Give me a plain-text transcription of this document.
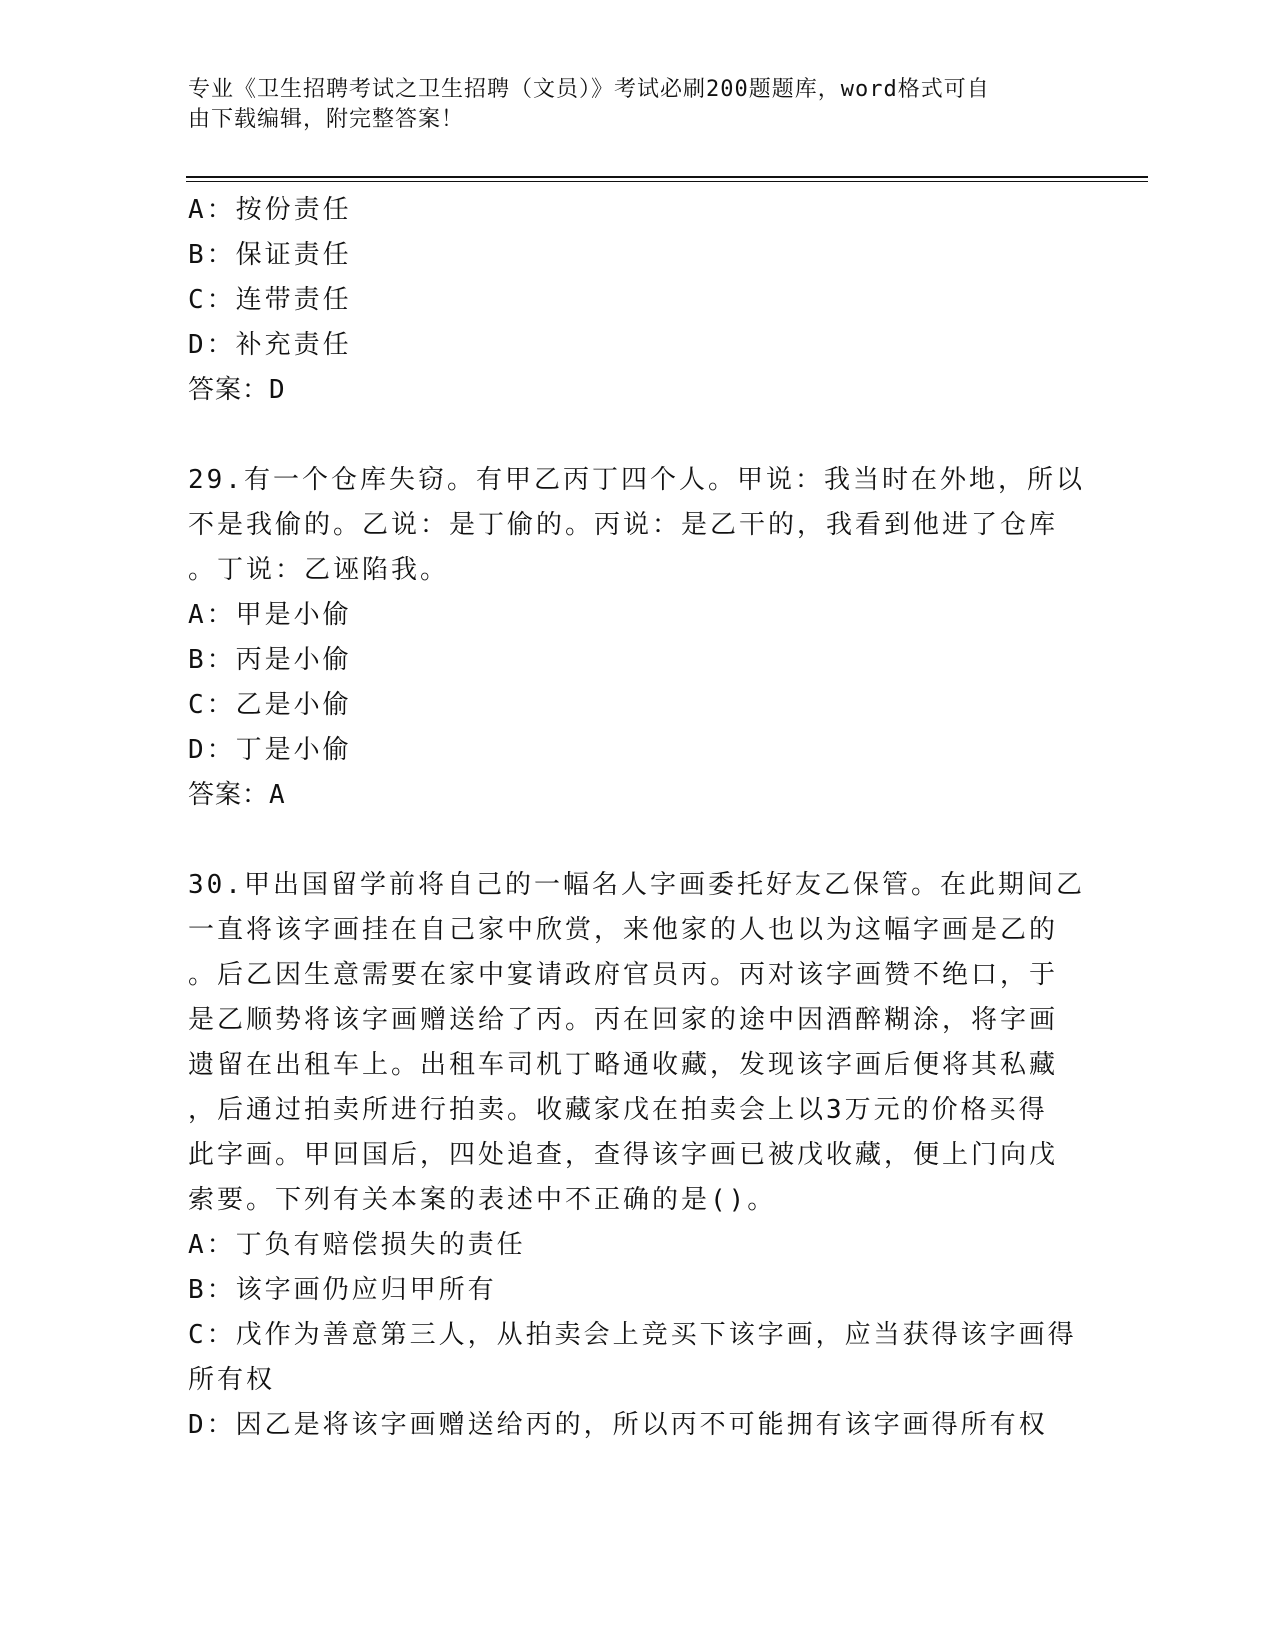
专业《卫生招聘考试之卫生招聘（文员）》考试必刷200题题库，word格式可自
由下载编辑，附完整答案！
A：按份责任
B：保证责任
C：连带责任
D：补充责任
答案：D
29.有一个仓库失窃。有甲乙丙丁四个人。甲说：我当时在外地，所以
不是我偷的。乙说：是丁偷的。丙说：是乙干的，我看到他进了仓库
。丁说：乙诬陷我。
A：甲是小偷
B：丙是小偷
C：乙是小偷
D：丁是小偷
答案：A
30.甲出国留学前将自己的一幅名人字画委托好友乙保管。在此期间乙
一直将该字画挂在自己家中欣赏，来他家的人也以为这幅字画是乙的
。后乙因生意需要在家中宴请政府官员丙。丙对该字画赞不绝口，于
是乙顺势将该字画赠送给了丙。丙在回家的途中因酒醉糊涂，将字画
遗留在出租车上。出租车司机丁略通收藏，发现该字画后便将其私藏
，后通过拍卖所进行拍卖。收藏家戊在拍卖会上以3万元的价格买得
此字画。甲回国后，四处追查，查得该字画已被戊收藏，便上门向戊
索要。下列有关本案的表述中不正确的是()。
A：丁负有赔偿损失的责任
B：该字画仍应归甲所有
C：戊作为善意第三人，从拍卖会上竞买下该字画，应当获得该字画得
所有权
D：因乙是将该字画赠送给丙的，所以丙不可能拥有该字画得所有权
